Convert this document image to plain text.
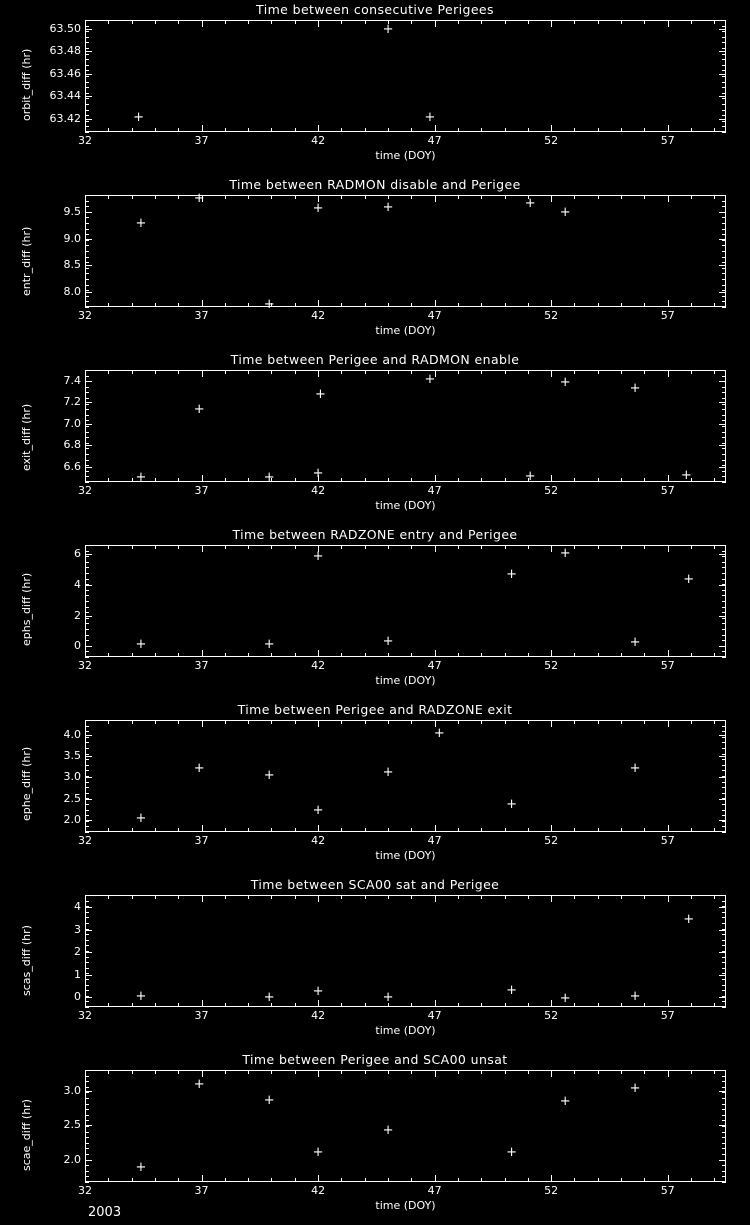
Time between consecutive Perigees
32	37	42	47	52	57
63.42
63.44
63.46
63.48
63.50
orbit_diff (hr)
time (DOY)
+
+
+
Time between RADMON disable and Perigee
32	37	42	47	52	57
8.0
8.5
9.0
9.5
entr_diff (hr)
time (DOY)
+
+
+
+	+	+
+
Time between Perigee and RADMON enable
32	37	42	47	52	57
6.6
6.8
7.0
7.2
7.4
exit_diff (hr)
time (DOY)
+
+
+	+
+
+
+
+	+
+
Time between RADZONE entry and Perigee
32	37	42	47	52	57
0
2
4
6
ephs_diff (hr)
time (DOY)
+	+
+
+
+
+
+
+
Time between Perigee and RADZONE exit
32	37	42	47	52	57
2.0
2.5
3.0
3.5
4.0
ephe_diff (hr)
time (DOY)
+
+	+
+
+
+
+
+
Time between SCA00 sat and Perigee
32	37	42	47	52	57
0
1
2
3
4
scas_diff (hr)
time (DOY)
+	+	+	+	+
+	+
+
Time between Perigee and SCA00 unsat
32	37	42	47	52	57
2.0
2.5
3.0
scae_diff (hr)
time (DOY)
+
+
+
+
+
+
+
+
2003
